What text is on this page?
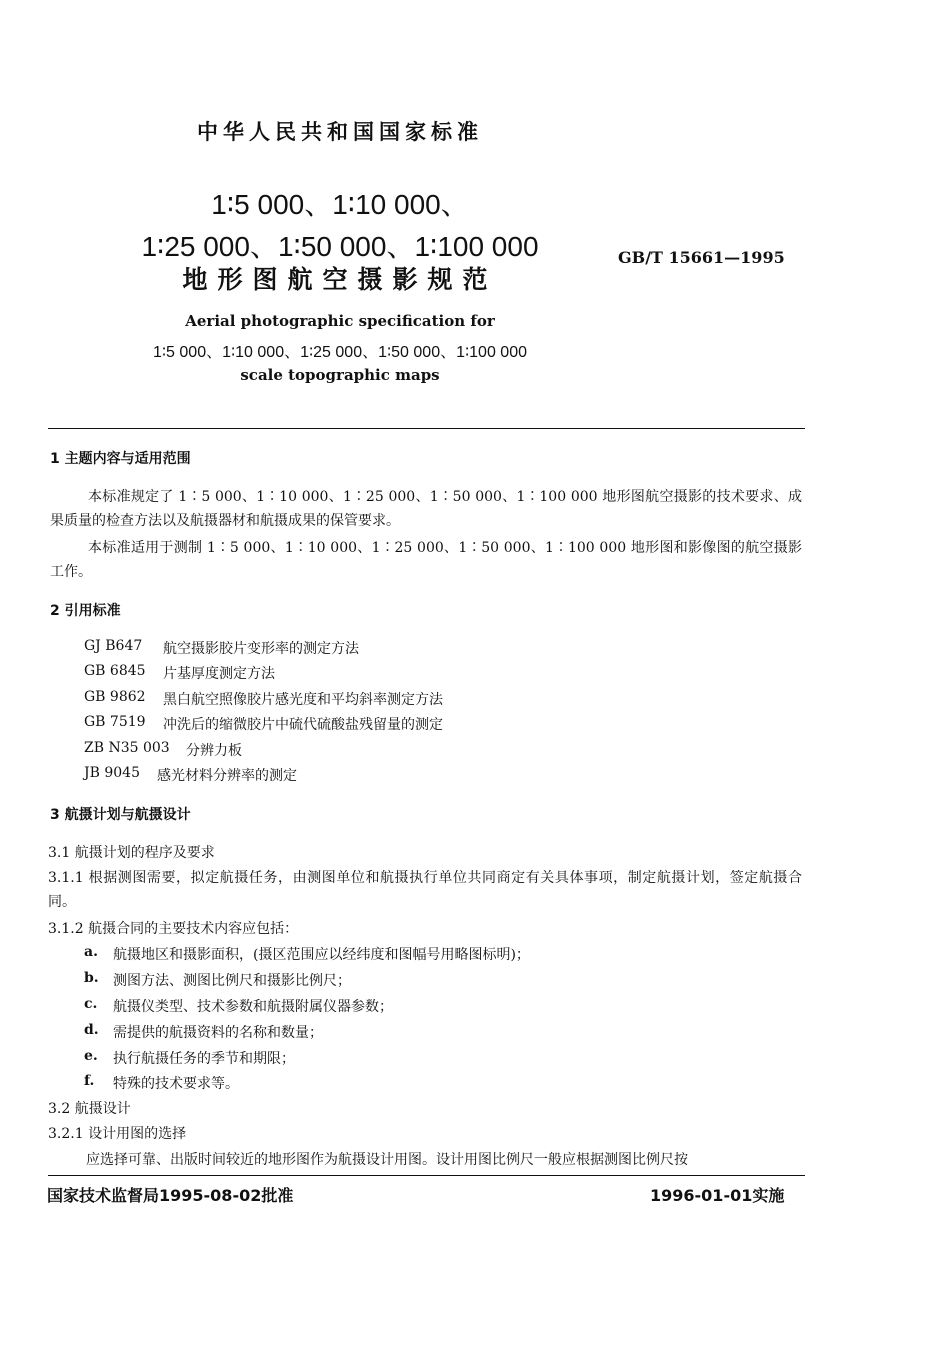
中华人民共和国国家标准
1∶5 000、1∶10 000、
1∶25 000、1∶50 000、1∶100 000
地形图航空摄影规范
GB/T 15661—1995
Aerial photographic specification for
1∶5 000、1∶10 000、1∶25 000、1∶50 000、1∶100 000
scale topographic maps
1 主题内容与适用范围
本标准规定了 1∶5 000、1∶10 000、1∶25 000、1∶50 000、1∶100 000 地形图航空摄影的技术要求、成果质量的检查方法以及航摄器材和航摄成果的保管要求。
本标准适用于测制 1∶5 000、1∶10 000、1∶25 000、1∶50 000、1∶100 000 地形图和影像图的航空摄影工作。
2 引用标准
GJ B647 航空摄影胶片变形率的测定方法
GB 6845 片基厚度测定方法
GB 9862 黑白航空照像胶片感光度和平均斜率测定方法
GB 7519 冲洗后的缩微胶片中硫代硫酸盐残留量的测定
ZB N35 003 分辨力板
JB 9045 感光材料分辨率的测定
3 航摄计划与航摄设计
3.1 航摄计划的程序及要求
3.1.1 根据测图需要，拟定航摄任务，由测图单位和航摄执行单位共同商定有关具体事项，制定航摄计划，签定航摄合同。
3.1.2 航摄合同的主要技术内容应包括：
a. 航摄地区和摄影面积，(摄区范围应以经纬度和图幅号用略图标明)；
b. 测图方法、测图比例尺和摄影比例尺；
c. 航摄仪类型、技术参数和航摄附属仪器参数；
d. 需提供的航摄资料的名称和数量；
e. 执行航摄任务的季节和期限；
f. 特殊的技术要求等。
3.2 航摄设计
3.2.1 设计用图的选择
应选择可靠、出版时间较近的地形图作为航摄设计用图。设计用图比例尺一般应根据测图比例尺按
国家技术监督局1995-08-02批准	1996-01-01实施
